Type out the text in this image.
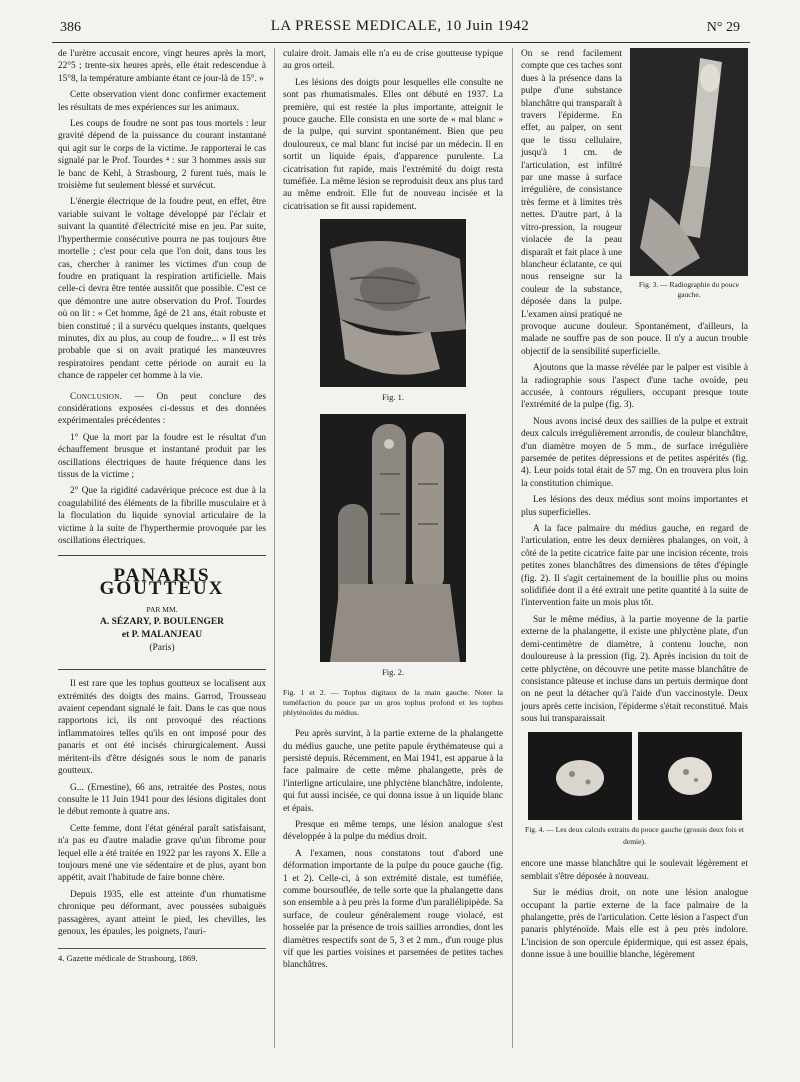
386	LA PRESSE MEDICALE, 10 Juin 1942	N° 29

de l'urètre accusait encore, vingt heures après la mort, 22°5 ; trente-six heures après, elle était redescendue à 15°8, la température ambiante étant ce jour-là de 15°. »

Cette observation vient donc confirmer exactement les résultats de mes expériences sur les animaux.

Les coups de foudre ne sont pas tous mortels : leur gravité dépend de la puissance du courant instantané qui agit sur le corps de la victime. Je rapporterai le cas signalé par le Prof. Tourdes ⁴ : sur 3 hommes assis sur le banc de Kehl, à Strasbourg, 2 furent tués, mais le troisième fut seulement blessé et survécut.

L'énergie électrique de la foudre peut, en effet, être variable suivant le voltage développé par l'éclair et suivant la quantité d'électricité mise en jeu. Par suite, l'hyperthermie consécutive pourra ne pas toujours être mortelle ; c'est pour cela que l'on doit, dans tous les cas, chercher à ranimer les victimes d'un coup de foudre en pratiquant la respiration artificielle. Mais celle-ci devra être tentée aussitôt que possible. C'est ce que démontre une autre observation du Prof. Tourdes où on lit : « Cet homme, âgé de 21 ans, était robuste et bien constitué ; il a survécu quelques instants, quelques minutes, dix au plus, au coup de foudre... » Il est très probable que si on avait pratiqué les manœuvres respiratoires pendant cette période on aurait eu la chance de rappeler cet homme à la vie.

Conclusion. — On peut conclure des considérations exposées ci-dessus et des données expérimentales précédentes :

1° Que la mort par la foudre est le résultat d'un échauffement brusque et instantané produit par les oscillations électriques de haute fréquence dans les tissus de la victime ;

2° Que la rigidité cadavérique précoce est due à la coagulabilité des éléments de la fibrille musculaire et à la floculation du liquide synovial articulaire de la victime à la suite de l'hyperthermie provoquée par les oscillations électriques.

PANARIS GOUTTEUX
PAR MM.
A. SÉZARY, P. BOULENGER
et P. MALANJEAU
(Paris)

Il est rare que les tophus goutteux se localisent aux extrémités des doigts des mains. Garrod, Trousseau avaient cependant signalé le fait. Dans le cas que nous rapportons ici, ils ont provoqué des réactions inflammatoires telles qu'ils en ont imposé pour des panaris et ont été incisés chirurgicalement. Aussi méritent-ils d'être désignés sous le nom de panaris goutteux.

G... (Ernestine), 66 ans, retraitée des Postes, nous consulte le 11 Juin 1941 pour des lésions digitales dont le début remonte à quatre ans.

Cette femme, dont l'état général paraît satisfaisant, n'a pas eu d'autre maladie grave qu'un fibrome pour lequel elle a été traitée en 1922 par les rayons X. Elle a toujours mené une vie sédentaire et de plus, ayant bon appétit, avait l'habitude de faire bonne chère.

Depuis 1935, elle est atteinte d'un rhumatisme chronique peu déformant, avec poussées subaiguës passagères, ayant atteint le pied, les chevilles, les genoux, les épaules, les poignets, l'auri-

4. Gazette médicale de Strasbourg, 1869.

culaire droit. Jamais elle n'a eu de crise goutteuse typique au gros orteil.

Les lésions des doigts pour lesquelles elle consulte ne sont pas rhumatismales. Elles ont débuté en 1937. La première, qui est restée la plus importante, atteignit le pouce gauche. Elle consista en une sorte de « mal blanc » de la pulpe, qui survint spontanément. Bien que peu douloureux, ce mal blanc fut incisé par un médecin. Il en sortit un liquide épais, d'apparence purulente. La cicatrisation fut rapide, mais l'extrémité du doigt resta tuméfiée. La même lésion se reproduisit deux ans plus tard au même endroit. Elle fut de nouveau incisée et la cicatrisation se fit aussi rapidement.

Fig. 1.
Fig. 2.
Fig. 1 et 2. — Tophus digitaux de la main gauche. Noter la tuméfaction du pouce par un gros tophus profond et les tophus phlyténoïdes du médius.

Peu après survint, à la partie externe de la phalangette du médius gauche, une petite papule érythémateuse qui a persisté depuis. Récemment, en Mai 1941, est apparue à la face palmaire de cette même phalangette, près de l'interligne articulaire, une phlyctène blanchâtre, indolente, qui fut aussi incisée, ce qui donna issue à un liquide blanc et épais.

Presque en même temps, une lésion analogue s'est développée à la pulpe du médius droit.

A l'examen, nous constatons tout d'abord une déformation importante de la pulpe du pouce gauche (fig. 1 et 2). Celle-ci, à son extrémité distale, est tuméfiée, comme boursouflée, de telle sorte que la phalangette dans son ensemble a à peu près la forme d'un parallélipipède. Sa surface, de couleur généralement rouge violacé, est bosselée par la présence de trois saillies arrondies, dont les diamètres respectifs sont de 5, 3 et 2 mm., d'un rouge plus vif que les parties voisines et parsemées de petites taches blanchâtres.

Fig. 3. — Radiographie du pouce gauche.

On se rend facilement compte que ces taches sont dues à la présence dans la pulpe d'une substance blanchâtre qui transparaît à travers l'épiderme. En effet, au palper, on sent que le tissu cellulaire, jusqu'à 1 cm. de l'articulation, est infiltré par une masse à surface irrégulière, de consistance très ferme et à limites très nettes. D'autre part, à la vitro-pression, la rougeur violacée de la peau disparaît et fait place à une blancheur éclatante, ce qui nous renseigne sur la couleur de la substance, déposée dans la pulpe. L'examen ainsi pratiqué ne provoque aucune douleur. Spontanément, d'ailleurs, la malade ne souffre pas de son pouce. Il n'y a aucun trouble objectif de la sensibilité superficielle.

Ajoutons que la masse révélée par le palper est visible à la radiographie sous l'aspect d'une tache ovoïde, peu accusée, à contours réguliers, occupant presque toute l'extrémité de la pulpe (fig. 3).

Nous avons incisé deux des saillies de la pulpe et extrait deux calculs irrégulièrement arrondis, de couleur blanchâtre, d'un diamètre moyen de 5 mm., de surface irrégulière parsemée de petites dépressions et de petites aspérités (fig. 4). Leur poids total était de 57 mg. On en trouvera plus loin la constitution chimique.

Les lésions des deux médius sont moins importantes et plus superficielles.

A la face palmaire du médius gauche, en regard de l'articulation, entre les deux dernières phalanges, on voit, à côté de la petite cicatrice faite par une incision récente, trois petites zones blanchâtres des dimensions de têtes d'épingle (fig. 2). Il s'agit certainement de la bouillie plus ou moins solidifiée dont il a été extrait une petite quantité à la suite de l'intervention faite un mois plus tôt.

Sur le même médius, à la partie moyenne de la partie externe de la phalangette, il existe une phlyctène plate, d'un demi-centimètre de diamètre, à contenu louche, non douloureuse à la pression (fig. 2). Après incision du toit de cette phlyctène, on découvre une petite masse blanchâtre de consistance pâteuse et incluse dans un pertuis dermique dont on ne peut la détacher qu'à l'aide d'un vaccinostyle. Deux jours après cette incision, l'épiderme s'était reconstitué. Mais sous lui transparaissait

Fig. 4. — Les deux calculs extraits du pouce gauche (grossis deux fois et demie).

encore une masse blanchâtre qui le soulevait légèrement et semblait s'être déposée à nouveau.

Sur le médius droit, on note une lésion analogue occupant la partie externe de la face palmaire de la phalangette, près de l'articulation. Cette lésion a l'aspect d'un panaris phlyténoïde. Mais elle est à peu près indolore. L'incision de son opercule épidermique, qui est assez épais, donne issue à une bouillie blanche, légèrement
